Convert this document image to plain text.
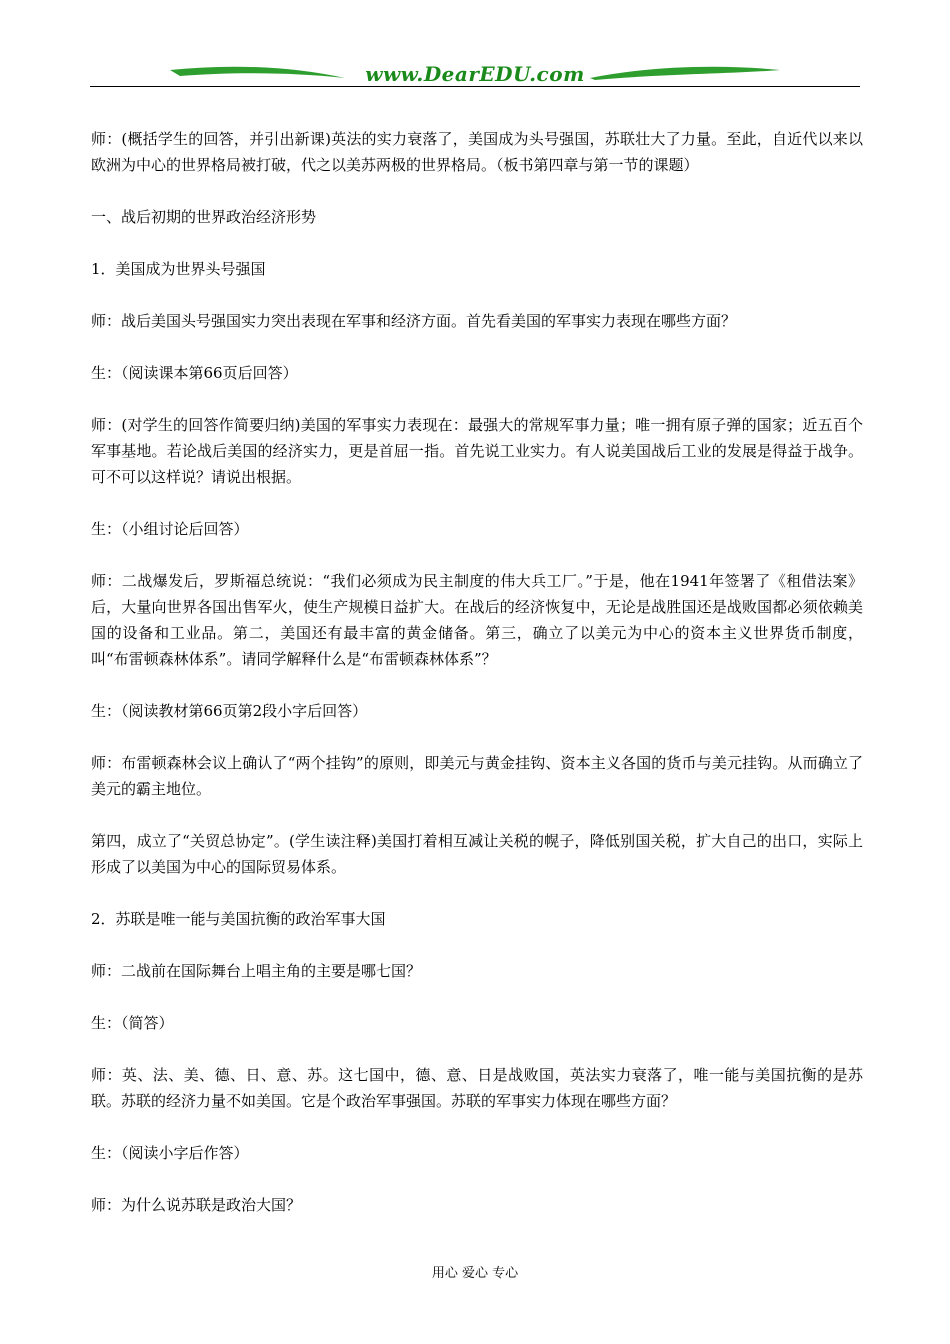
www.DearEDU.com

师：(概括学生的回答，并引出新课)英法的实力衰落了，美国成为头号强国，苏联壮大了力量。至此，自近代以来以欧洲为中心的世界格局被打破，代之以美苏两极的世界格局。（板书第四章与第一节的课题）

一、战后初期的世界政治经济形势

1．美国成为世界头号强国

师：战后美国头号强国实力突出表现在军事和经济方面。首先看美国的军事实力表现在哪些方面？

生：（阅读课本第66页后回答）

师：(对学生的回答作简要归纳)美国的军事实力表现在：最强大的常规军事力量；唯一拥有原子弹的国家；近五百个军事基地。若论战后美国的经济实力，更是首屈一指。首先说工业实力。有人说美国战后工业的发展是得益于战争。可不可以这样说？请说出根据。

生：（小组讨论后回答）

师：二战爆发后，罗斯福总统说：“我们必须成为民主制度的伟大兵工厂。”于是，他在1941年签署了《租借法案》后，大量向世界各国出售军火，使生产规模日益扩大。在战后的经济恢复中，无论是战胜国还是战败国都必须依赖美国的设备和工业品。第二，美国还有最丰富的黄金储备。第三，确立了以美元为中心的资本主义世界货币制度，叫“布雷顿森林体系”。请同学解释什么是“布雷顿森林体系”？

生：（阅读教材第66页第2段小字后回答）

师：布雷顿森林会议上确认了“两个挂钩”的原则，即美元与黄金挂钩、资本主义各国的货币与美元挂钩。从而确立了美元的霸主地位。

第四，成立了“关贸总协定”。(学生读注释)美国打着相互减让关税的幌子，降低别国关税，扩大自己的出口，实际上形成了以美国为中心的国际贸易体系。

2．苏联是唯一能与美国抗衡的政治军事大国

师：二战前在国际舞台上唱主角的主要是哪七国？

生：（简答）

师：英、法、美、德、日、意、苏。这七国中，德、意、日是战败国，英法实力衰落了，唯一能与美国抗衡的是苏联。苏联的经济力量不如美国。它是个政治军事强国。苏联的军事实力体现在哪些方面？

生：（阅读小字后作答）

师：为什么说苏联是政治大国？

用心 爱心 专心
